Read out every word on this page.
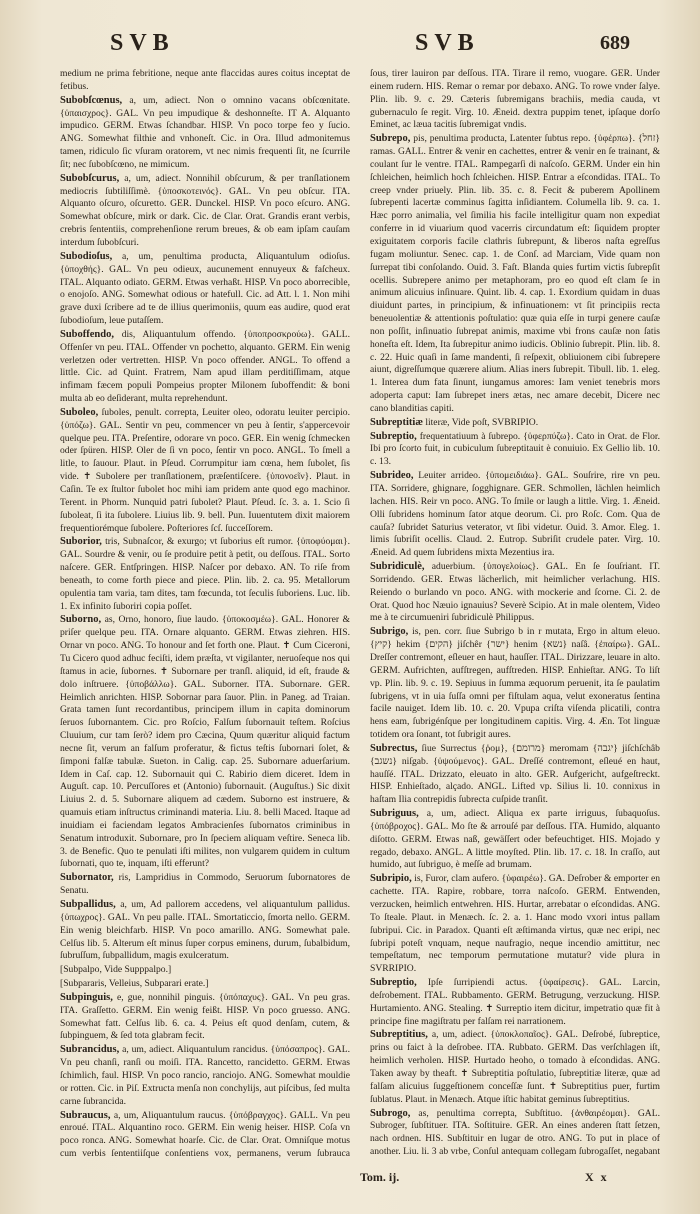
SVB	SVB	689

medium ne prima febritione, neque ante flaccidas aures coitus inceptat de fetibus.

Subobſcœnus, a, um, adiect. Non o omnino vacans obſcœnitate. {ὑπαισχρος}. GAL. Vn peu impudique & deshonneſte. IT A. Alquanto impudico. GERM. Etwas ſchandbar. HISP. Vn poco torpe feo y ſucio. ANG. Somewhat filthie and vnhoneſt. Cic. in Ora. Illud admonitemus tamen, ridiculo ſic vſuram oratorem, vt nec nimis frequenti ſit, ne ſcurrile ſit; nec ſubobſcœno, ne mimicum.

Subobſcurus, a, um, adiect. Nonnihil obſcurum, & per tranſlationem mediocris ſubtiliſſimè. {ὑποσκοτεινός}. GAL. Vn peu obſcur. ITA. Alquanto oſcuro, oſcuretto. GER. Dunckel. HISP. Vn poco eſcuro. ANG. Somewhat obſcure, mirk or dark. Cic. de Clar. Orat. Grandis erant verbis, crebris ſententiis, comprehenſione rerum breues, & ob eam ipſam cauſam interdum ſubobſcuri.

Subodioſus, a, um, penultima producta, Aliquantulum odioſus. {ὑποχθής}. GAL. Vn peu odieux, aucunement ennuyeux & faſcheux. ITAL. Alquanto odiato. GERM. Etwas verhaßt. HISP. Vn poco aborrecible, o enojoſo. ANG. Somewhat odious or hatefull. Cic. ad Att. l. 1. Non mihi grave duxi ſcribere ad te de illius querimoniis, quum eas audire, quod erat ſubodioſum, leue putaſſem.

Suboffendo, dis, Aliquantulum offendo. {ὑποπροσκρούω}. GALL. Offenſer vn peu. ITAL. Offender vn pochetto, alquanto. GERM. Ein wenig verletzen oder vertretten. HISP. Vn poco offender. ANGL. To offend a little. Cic. ad Quint. Fratrem, Nam apud illam perditiſſimam, atque infimam fæcem populi Pompeius propter Milonem ſuboffendit: & boni multa ab eo deſiderant, multa reprehendunt.

Suboleo, ſuboles, penult. correpta, Leuiter oleo, odoratu leuiter percipio. {ὑπόζω}. GAL. Sentir vn peu, commencer vn peu à ſentir, s'appercevoir quelque peu. ITA. Preſentire, odorare vn poco. GER. Ein wenig ſchmecken oder ſpüren. HISP. Oler de ſi vn poco, ſentir vn poco. ANGL. To ſmell a litle, to ſauour. Plaut. in Pſeud. Corrumpitur iam cœna, hem ſubolet, ſis vide. ✝ Subolere per tranſlationem, præſentiſcere. {ὑπονοεῖν}. Plaut. in Caſin. Te ex ſtultor ſubolet hoc mihi iam pridem ante quod ego machinor. Terent. in Phorm. Nunquid patri ſubolet? Plaut. Pſeud. ſc. 3. a. 1. Scio ſi ſuboleat, ſi ita ſubolere. Liuius lib. 9. bell. Pun. Iuuentutem dixit maiorem frequentiorémque ſubolere. Poſteriores ſcſ. ſucceſſorem.

Suborior, tris, Subnaſcor, & exurgo; vt ſuborius eſt rumor. {ὑποφύομαι}. GAL. Sourdre & venir, ou ſe produire petit à petit, ou deſſous. ITAL. Sorto naſcere. GER. Entſpringen. HISP. Naſcer por debaxo. AN. To riſe from beneath, to come forth piece and piece. Plin. lib. 2. ca. 95. Metallorum opulentia tam varia, tam dites, tam fœcunda, tot ſeculis ſuboriens. Luc. lib. 1. Ex infinito ſuboriri copia poſſet.

Suborno, as, Orno, honoro, ſiue laudo. {ὑποκοσμέω}. GAL. Honorer & priſer quelque peu. ITA. Ornare alquanto. GERM. Etwas ziehren. HIS. Ornar vn poco. ANG. To honour and ſet forth one. Plaut. ✝ Cum Ciceroni, Tu Cicero quod adhuc feciſti, idem præſta, vt vigilanter, neruoſeque nos qui ſtamus in acie, ſubornes. ✝ Subornare per tranſl. aliquid, id eſt, fraude & dolo inſtruere. {ὑποβάλλω}. GAL. Suborner. ITA. Subornare. GER. Heimlich anrichten. HISP. Sobornar para ſauor. Plin. in Paneg. ad Traian. Grata tamen ſunt recordantibus, principem illum in capita dominorum ſeruos ſubornantem. Cic. pro Roſcio, Falſum ſubornauit teſtem. Roſcius Cluuium, cur tam ſerò? idem pro Cæcina, Quum quæritur aliquid factum necne ſit, verum an falſum proferatur, & fictus teſtis ſubornari ſolet, & ſimponi falſæ tabulæ. Sueton. in Calig. cap. 25. Subornare aduerſarium. Idem in Caſ. cap. 12. Subornauit qui C. Rabirio diem diceret. Idem in Auguſt. cap. 10. Percuſſores et (Antonio) ſubornauit. (Auguſtus.) Sic dixit Liuius 2. d. 5. Subornare aliquem ad cædem. Suborno est instruere, & quamuis etiam inſtructus criminandi materia. Liu. 8. belli Maced. Itaque ad inuidiam ei faciendam legatos Ambracienſes ſubornatos criminibus in Senatum introduxit. Subornare, pro In ſpeciem aliquam veſtire. Seneca lib. 3. de Benefic. Quo te penulati iſti milites, non vulgarem quidem in cultum ſubornati, quo te, inquam, iſti efferunt?

Subornator, ris, Lampridius in Commodo, Seruorum ſubornatores de Senatu.

Subpallidus, a, um, Ad pallorem accedens, vel aliquantulum pallidus. {ὑπωχρος}. GAL. Vn peu palle. ITAL. Smortaticcio, ſmorta nello. GERM. Ein wenig bleichfarb. HISP. Vn poco amarillo. ANG. Somewhat pale. Celſus lib. 5. Alterum eſt minus ſuper corpus eminens, durum, ſubalbidum, ſubruſſum, ſubpallidum, magis exulceratum.

[Subpalpo, Vide Supppalpo.]

[Subpararis, Velleius, Subparari erate.]

Subpinguis, e, gue, nonnihil pinguis. {ὑπόπαχυς}. GAL. Vn peu gras. ITA. Graſſetto. GERM. Ein wenig feißt. HISP. Vn poco gruesso. ANG. Somewhat fatt. Celſus lib. 6. ca. 4. Peius eſt quod denſam, cutem, & ſubpinguem, & ſed tota glabram fecit.

Subrancidus, a, um, adiect. Aliquantulum rancidus. {ὑπόσαπρος}. GAL. Vn peu chanſi, ranſi ou moiſi. ITA. Rancetto, rancidetto. GERM. Etwas ſchimlich, faul. HISP. Vn poco rancio, ranciojo. ANG. Somewhat mouldie or rotten. Cic. in Piſ. Extructa menſa non conchylijs, aut piſcibus, ſed multa carne ſubrancida.

Subraucus, a, um, Aliquantulum raucus. {ὑπόβραγχος}. GALL. Vn peu enroué. ITAL. Alquantino roco. GERM. Ein wenig heiser. HISP. Coſa vn poco ronca. ANG. Somewhat hoarſe. Cic. de Clar. Orat. Omniſque motus cum verbis ſententiiſque conſentiens vox, permanens, verum ſubrauca

ſous, tirer lauiron par deſſous. ITA. Tirare il remo, vuogare. GER. Under einem rudern. HIS. Remar o remar por debaxo. ANG. To rowe vnder ſalye. Plin. lib. 9. c. 29. Cæteris ſubremigans brachiis, media cauda, vt gubernaculo ſe regit. Virg. 10. Æneid. dextra puppim tenet, ipſaque dorſo Eminet, ac læua tacitis ſubremigat vndis.

Subrepo, pis, penultima producta, Latenter ſubtus repo. {ὑφέρπω}. {זחל} ramas. GALL. Entrer & venir en cachettes, entrer & venir en ſe trainant, & coulant ſur le ventre. ITAL. Rampegarſi di naſcoſo. GERM. Under ein hin ſchleichen, heimlich hoch ſchleichen. HISP. Entrar a eſcondidas. ITAL. To creep vnder priuely. Plin. lib. 35. c. 8. Fecit & puberem Apollinem ſubrepenti lacertæ comminus ſagitta inſidiantem. Columella lib. 9. ca. 1. Hæc porro animalia, vel ſimilia his facile intelligitur quam non expediat conferre in id viuarium quod vacerris circundatum eſt: ſiquidem propter exiguitatem corporis facile clathris ſubrepunt, & liberos naſta egreſſus fugam moliuntur. Senec. cap. 1. de Conſ. ad Marciam, Vide quam non ſurrepat tibi conſolando. Ouid. 3. Faſt. Blanda quies furtim victis ſubrepſit ocellis. Subrepere animo per metaphoram, pro eo quod eſt clam ſe in animum alicuius inſinuare. Quint. lib. 4. cap. 1. Exordium quidam in duas diuidunt partes, in principium, & infinuationem: vt ſit principiis recta beneuolentiæ & attentionis poſtulatio: quæ quia eſſe in turpi genere cauſæ non poſſit, inſinuatio ſubrepat animis, maxime vbi frons cauſæ non ſatis honeſta eſt. Idem, Ita ſubrepitur animo iudicis. Oblinio ſubrepit. Plin. lib. 8. c. 22. Huic quaſi in ſame mandenti, ſi reſpexit, obliuionem cibi ſubrepere aiunt, digreſſumque quærere alium. Alias iners ſubrepit. Tibull. lib. 1. eleg. 1. Interea dum fata ſinunt, iungamus amores: Iam veniet tenebris mors adoperta caput: Iam ſubrepet iners ætas, nec amare decebit, Dicere nec cano blanditias capiti.

Subreptitiæ literæ, Vide poſt, SVBRIPIO.

Subreptio, frequentatiuum à ſubrepo. {ὑφερπύζω}. Cato in Orat. de Flor. Ibi pro ſcorto fuit, in cubiculum ſubreptitauit è conuiuio. Ex Gellio lib. 10. c. 13.

Subrideo, Leuiter arrideo. {ὑπομειδιάω}. GAL. Souſrire, rire vn peu. ITA. Sorridere, ghignare, ſogghignare. GER. Schmollen, lächlen heimlich lachen. HIS. Reir vn poco. ANG. To ſmile or laugh a little. Virg. 1. Æneid. Olli ſubridens hominum ſator atque deorum. Ci. pro Roſc. Com. Qua de cauſa? ſubridet Saturius veterator, vt ſibi videtur. Ouid. 3. Amor. Eleg. 1. limis ſubriſit ocellis. Claud. 2. Eutrop. Subriſit crudele pater. Virg. 10. Æneid. Ad quem ſubridens mixta Mezentius ira.

Subridiculè, aduerbium. {ὑπογελοίως}. GAL. En ſe ſouſriant. IT. Sorridendo. GER. Etwas lächerlich, mit heimlicher verlachung. HIS. Reiendo o burlando vn poco. ANG. with mockerie and ſcorne. Ci. 2. de Orat. Quod hoc Næuio ignauius? Severè Scipio. At in male olentem, Video me à te circumueniri ſubridiculè Philippus.

Subrigo, is, pen. corr. ſiue Subrigo b in r mutata, Ergo in altum eleuo. {קיץ} hekim {הקים} jiſchêr {ישר} henim {נשא} naſâ. {ἐπαίρω}. GAL. Dreſſer contremont, eſleuer en haut, hauſſer. ITAL. Dirizzare, leuare in alto. GERM. Aufrichten, aufſtregen, aufſtreden. HISP. Enhieſtar. ANG. To liſt vp. Plin. lib. 9. c. 19. Sepiuus in ſumma æquorum peruenit, ita ſe paulatim ſubrigens, vt in uia ſuſſa omni per fiſtulam aqua, velut exoneratus ſentina facile nauiget. Idem lib. 10. c. 20. Vpupa criſta viſenda plicatili, contra hens eam, ſubrigénſque per longitudinem capitis. Virg. 4. Æn. Tot linguæ totidem ora ſonant, tot ſubrigit aures.

Subrectus, ſiue Surrectus {ῥομ}, {מרומם} meromam {יגבה} jiſchſchâb {נשגב} niſgab. {ὑψούμενος}. GAL. Dreſſé contremont, eſleué en haut, hauſſé. ITAL. Drizzato, eleuato in alto. GER. Aufgericht, aufgeſtreckt. HISP. Enhieſtado, alçado. ANGL. Lifted vp. Silius li. 10. connixus in haſtam Ilia contrepidis ſubrecta cuſpide tranſit.

Subriguus, a, um, adiect. Aliqua ex parte irriguus, ſubaquoſus. {ὑπόβροχος}. GAL. Mo ſte & arrouſé par deſſous. ITA. Humido, alquanto diſotto. GERM. Etwas naß, gewäſſert oder befeuchtiget. HIS. Mojado y regado, debaxo. ANGL. A little moyſted. Plin. lib. 17. c. 18. In craſſo, aut humido, aut ſubriguo, è meſſe ad brumam.

Subripio, is, Furor, clam aufero. {ὑφαιρέω}. GA. Deſrober & emporter en cachette. ITA. Rapire, robbare, torra naſcoſo. GERM. Entwenden, verzucken, heimlich entwehren. HIS. Hurtar, arrebatar o eſcondidas. ANG. To ſteale. Plaut. in Menæch. ſc. 2. a. 1. Hanc modo vxori intus pallam ſubripui. Cic. in Paradox. Quanti eſt æſtimanda virtus, quæ nec eripi, nec ſubripi poteſt vnquam, neque naufragio, neque incendio amittitur, nec tempeſtatum, nec temporum permutatione mutatur? vide plura in SVRRIPIO.

Subreptio, Ipſe ſurripiendi actus. {ὑφαίρεσις}. GAL. Larcin, deſrobement. ITAL. Rubbamento. GERM. Betrugung, verzuckung. HISP. Hurtamiento. ANG. Stealing. ✝ Surreptio item dicitur, impetratio quæ fit à principe fine magiſtratu per falſam rei narrationem.

Subreptitius, a, um, adiect. {ὑποκλοπαῖος}. GAL. Deſrobé, ſubreptice, prins ou faict à la deſrobee. ITA. Rubbato. GERM. Das verſchlagen iſt, heimlich verholen. HISP. Hurtado heoho, o tomado à eſcondidas. ANG. Taken away by theaft. ✝ Subreptitia poſtulatio, ſubreptitiæ literæ, quæ ad falſam alicuius ſuggeſtionem conceſſæ ſunt. ✝ Subreptitius puer, furtim ſublatus. Plaut. in Menæch. Atque iſtic habitat geminus ſubreptitius.

Subrogo, as, penultima correpta, Subſtituo. {ἀνθαιρέομαι}. GAL. Subroger, ſubſtituer. ITA. Soſtituire. GER. An eines anderen ſtatt ſetzen, nach ordnen. HIS. Subſtituir en lugar de otro. ANG. To put in place of another. Liu. li. 3 ab vrbe, Conſul antequam collegam ſubrogaſſet, negabant

Tom. ij.	X x
